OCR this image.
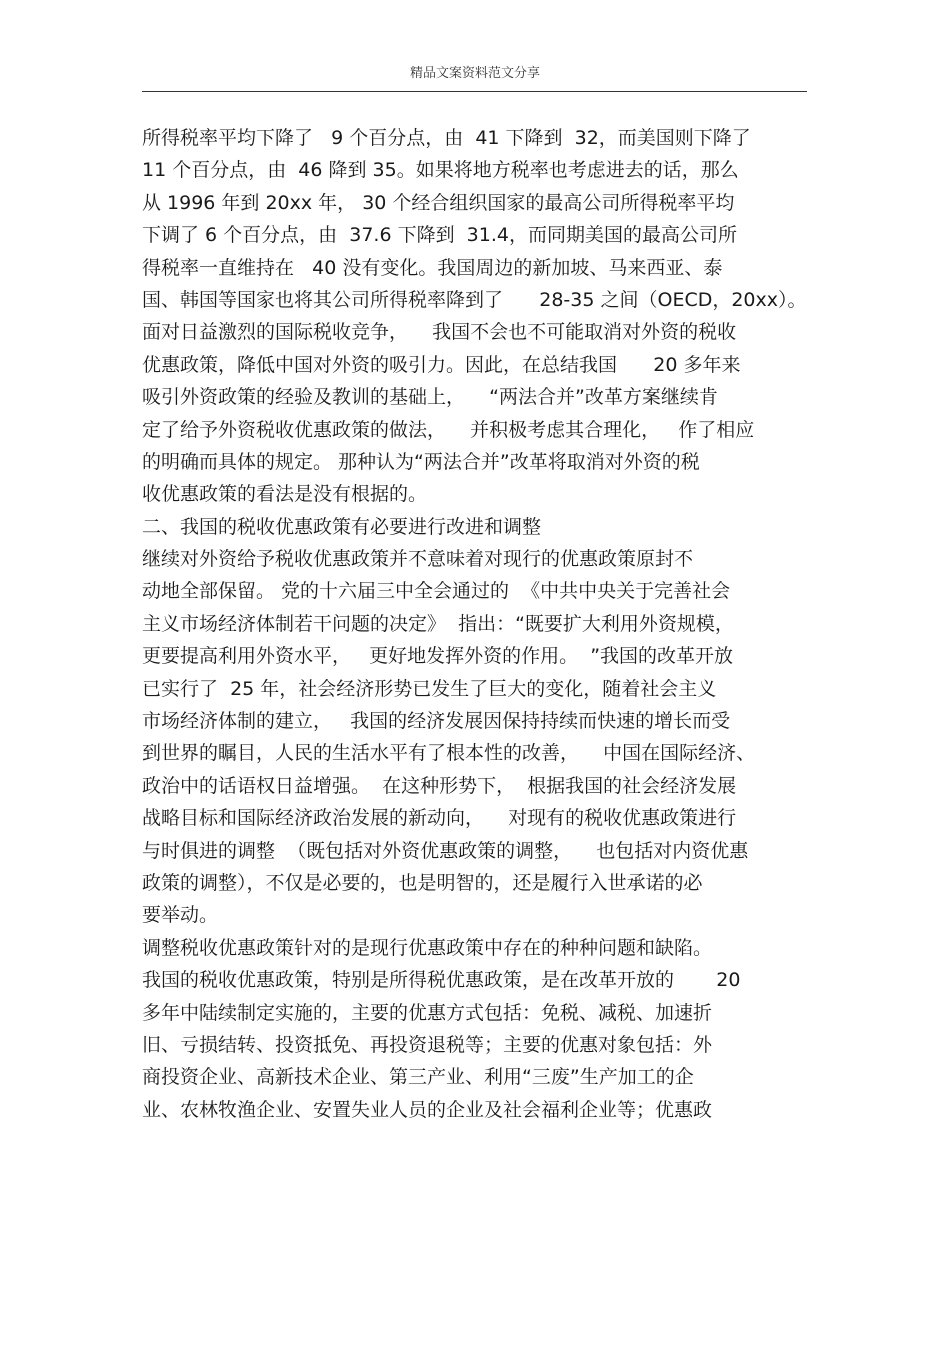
精品文案资料范文分享
所得税率平均下降了   9 个百分点，由  41 下降到  32，而美国则下降了
11 个百分点，由  46 降到 35。如果将地方税率也考虑进去的话，那么
从 1996 年到 20xx 年， 30 个经合组织国家的最高公司所得税率平均
下调了 6 个百分点，由  37.6 下降到  31.4，而同期美国的最高公司所
得税率一直维持在   40 没有变化。我国周边的新加坡、马来西亚、泰
国、韩国等国家也将其公司所得税率降到了      28-35 之间（OECD，20xx）。
面对日益激烈的国际税收竞争，    我国不会也不可能取消对外资的税收
优惠政策，降低中国对外资的吸引力。因此，在总结我国      20 多年来
吸引外资政策的经验及教训的基础上，    “两法合并”改革方案继续肯
定了给予外资税收优惠政策的做法，    并积极考虑其合理化，   作了相应
的明确而具体的规定。 那种认为“两法合并”改革将取消对外资的税
收优惠政策的看法是没有根据的。
二、我国的税收优惠政策有必要进行改进和调整
继续对外资给予税收优惠政策并不意味着对现行的优惠政策原封不
动地全部保留。 党的十六届三中全会通过的  《中共中央关于完善社会
主义市场经济体制若干问题的决定》  指出：“既要扩大利用外资规模，
更要提高利用外资水平，   更好地发挥外资的作用。  ”我国的改革开放
已实行了  25 年，社会经济形势已发生了巨大的变化，随着社会主义
市场经济体制的建立，   我国的经济发展因保持持续而快速的增长而受
到世界的瞩目，人民的生活水平有了根本性的改善，    中国在国际经济、
政治中的话语权日益增强。  在这种形势下，  根据我国的社会经济发展
战略目标和国际经济政治发展的新动向，    对现有的税收优惠政策进行
与时俱进的调整  （既包括对外资优惠政策的调整，    也包括对内资优惠
政策的调整），不仅是必要的，也是明智的，还是履行入世承诺的必
要举动。
调整税收优惠政策针对的是现行优惠政策中存在的种种问题和缺陷。
我国的税收优惠政策，特别是所得税优惠政策，是在改革开放的       20
多年中陆续制定实施的，主要的优惠方式包括：免税、减税、加速折
旧、亏损结转、投资抵免、再投资退税等；主要的优惠对象包括：外
商投资企业、高新技术企业、第三产业、利用“三废”生产加工的企
业、农林牧渔企业、安置失业人员的企业及社会福利企业等；优惠政
